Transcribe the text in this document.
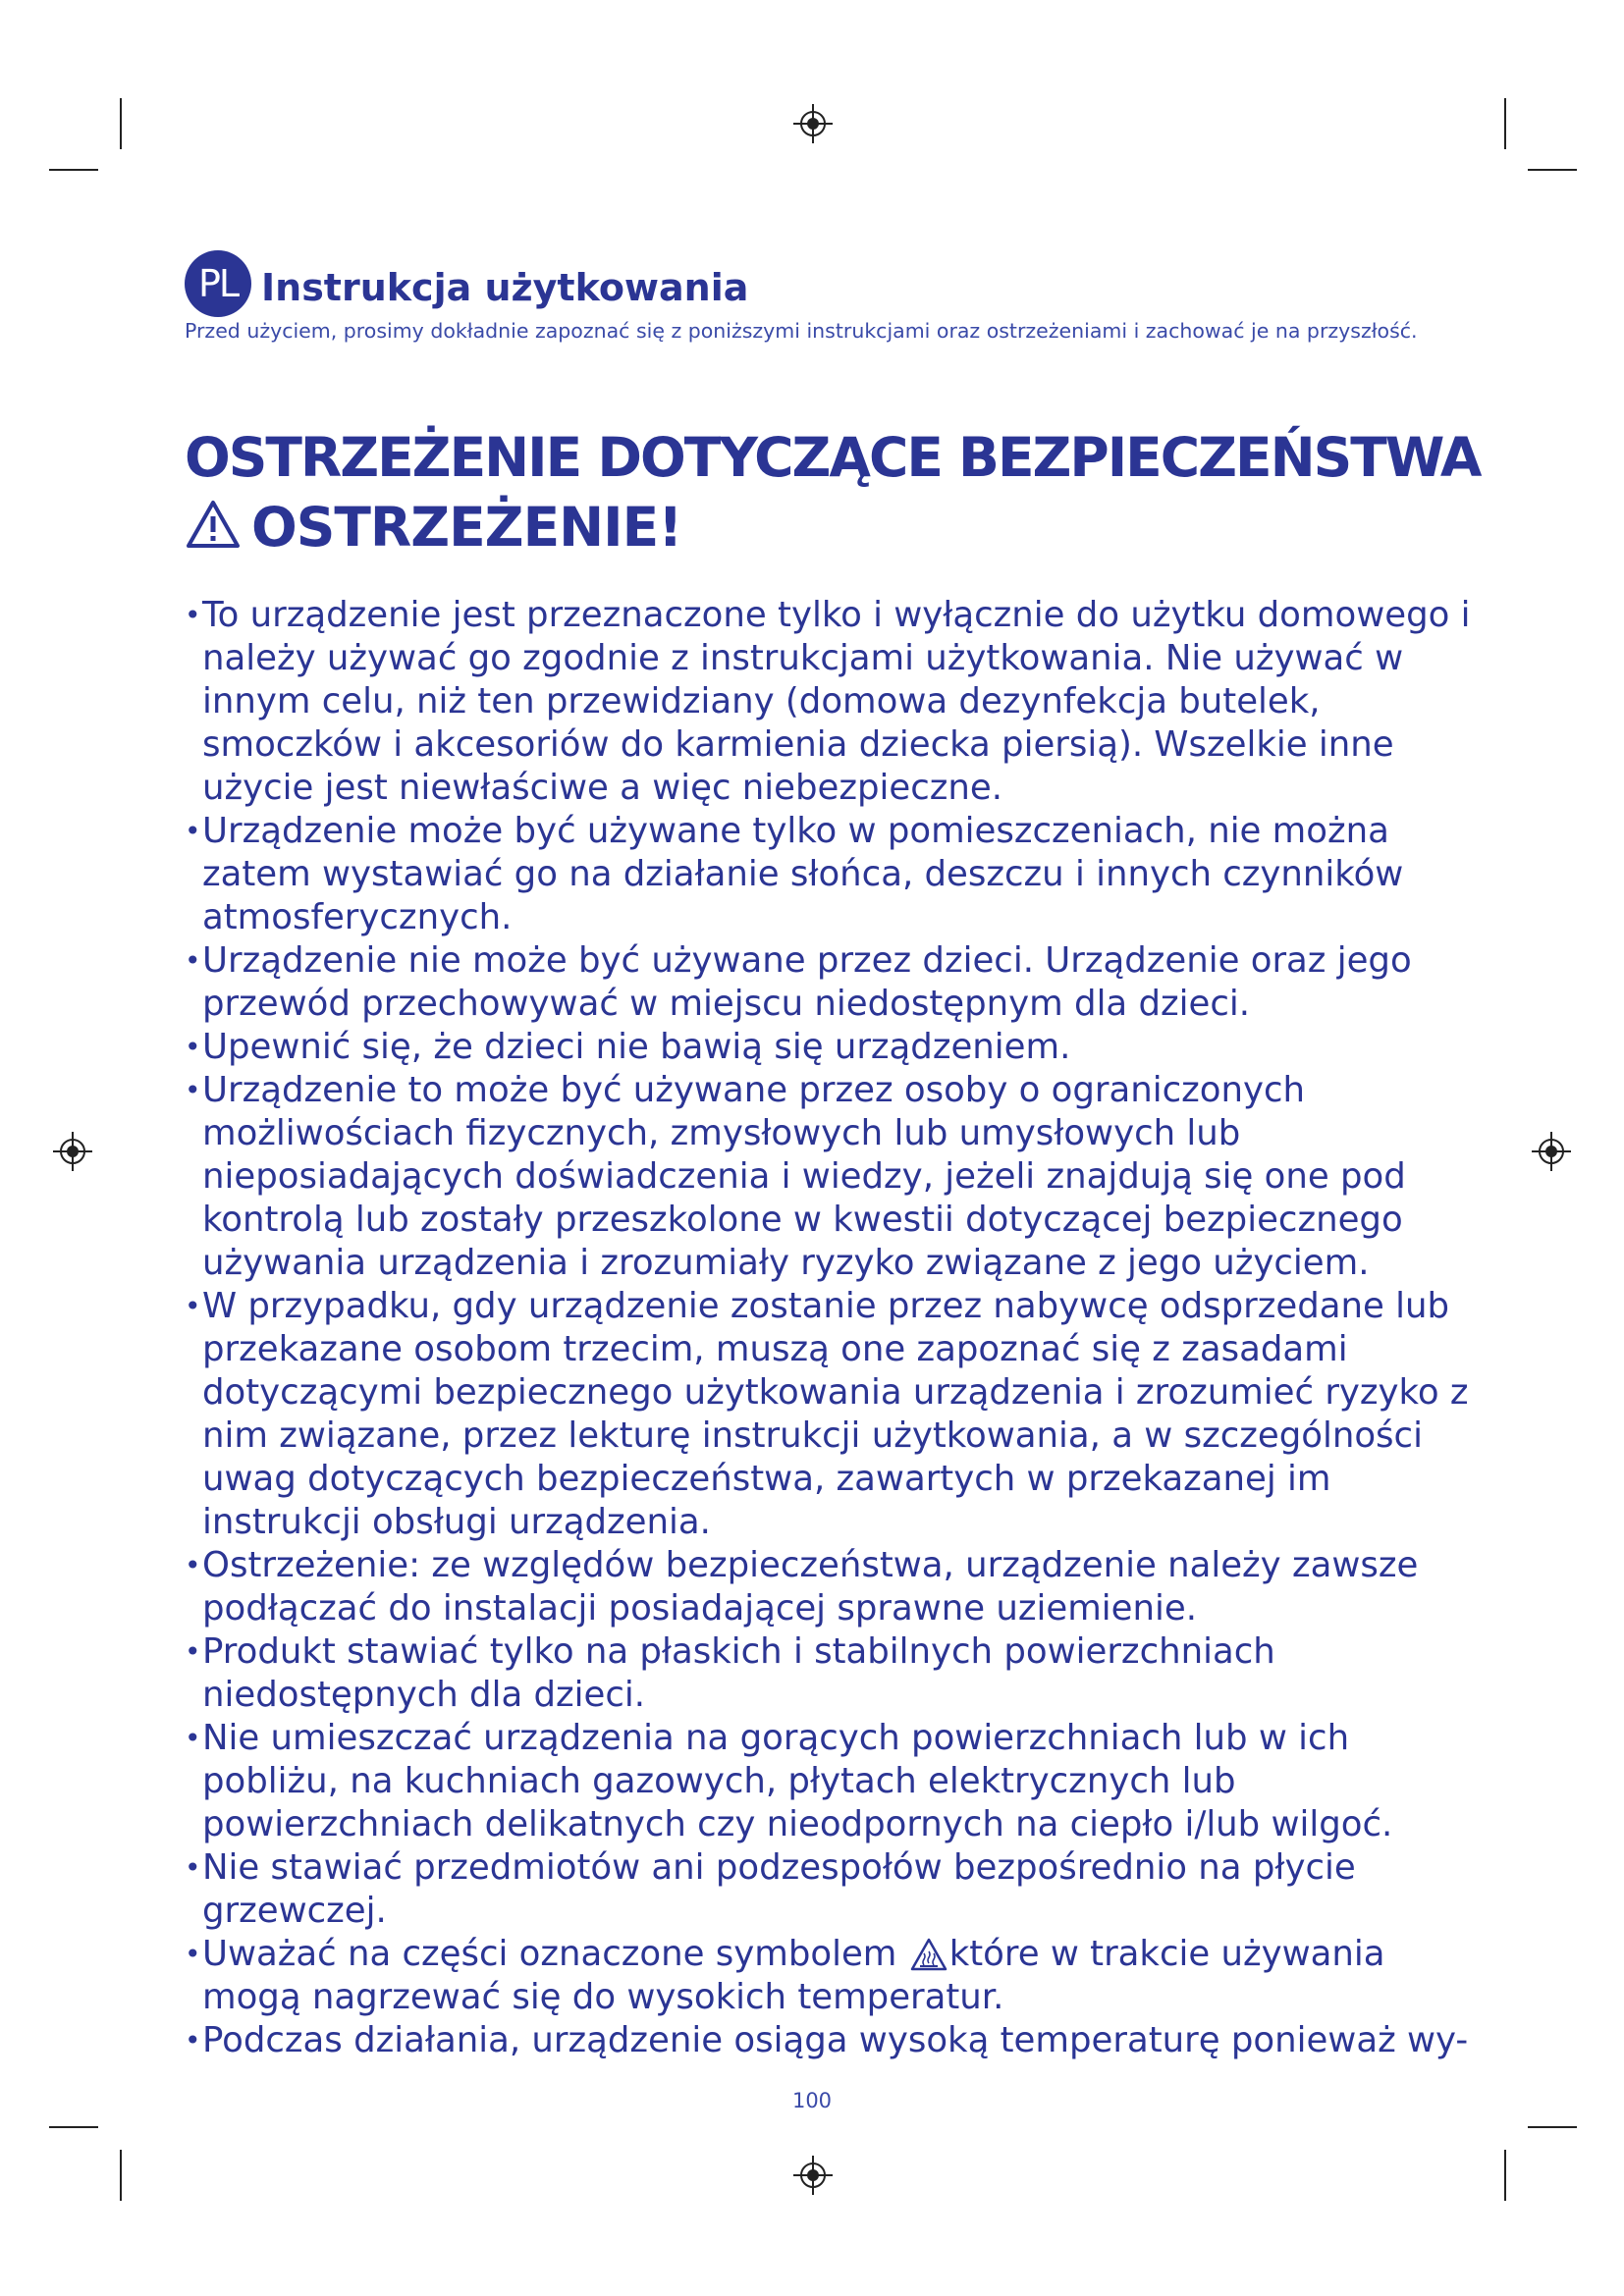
PL Instrukcja użytkowania
Przed użyciem, prosimy dokładnie zapoznać się z poniższymi instrukcjami oraz ostrzeżeniami i zachować je na przyszłość.
OSTRZEŻENIE DOTYCZĄCE BEZPIECZEŃSTWA
OSTRZEŻENIE!
• To urządzenie jest przeznaczone tylko i wyłącznie do użytku domowego i należy używać go zgodnie z instrukcjami użytkowania. Nie używać w innym celu, niż ten przewidziany (domowa dezynfekcja butelek, smoczków i akcesoriów do karmienia dziecka piersią). Wszelkie inne użycie jest niewłaściwe a więc niebezpieczne.
• Urządzenie może być używane tylko w pomieszczeniach, nie można zatem wystawiać go na działanie słońca, deszczu i innych czynników atmosferycznych.
• Urządzenie nie może być używane przez dzieci. Urządzenie oraz jego przewód przechowywać w miejscu niedostępnym dla dzieci.
• Upewnić się, że dzieci nie bawią się urządzeniem.
• Urządzenie to może być używane przez osoby o ograniczonych możliwościach fizycznych, zmysłowych lub umysłowych lub nieposiadających doświadczenia i wiedzy, jeżeli znajdują się one pod kontrolą lub zostały przeszkolone w kwestii dotyczącej bezpiecznego używania urządzenia i zrozumiały ryzyko związane z jego użyciem.
• W przypadku, gdy urządzenie zostanie przez nabywcę odsprzedane lub przekazane osobom trzecim, muszą one zapoznać się z zasadami dotyczącymi bezpiecznego użytkowania urządzenia i zrozumieć ryzyko z nim związane, przez lekturę instrukcji użytkowania, a w szczególności uwag dotyczących bezpieczeństwa, zawartych w przekazanej im instrukcji obsługi urządzenia.
• Ostrzeżenie: ze względów bezpieczeństwa, urządzenie należy zawsze podłączać do instalacji posiadającej sprawne uziemienie.
• Produkt stawiać tylko na płaskich i stabilnych powierzchniach niedostępnych dla dzieci.
• Nie umieszczać urządzenia na gorących powierzchniach lub w ich pobliżu, na kuchniach gazowych, płytach elektrycznych lub powierzchniach delikatnych czy nieodpornych na ciepło i/lub wilgoć.
• Nie stawiać przedmiotów ani podzespołów bezpośrednio na płycie grzewczej.
• Uważać na części oznaczone symbolem które w trakcie używania mogą nagrzewać się do wysokich temperatur.
• Podczas działania, urządzenie osiąga wysoką temperaturę ponieważ wy-
100
